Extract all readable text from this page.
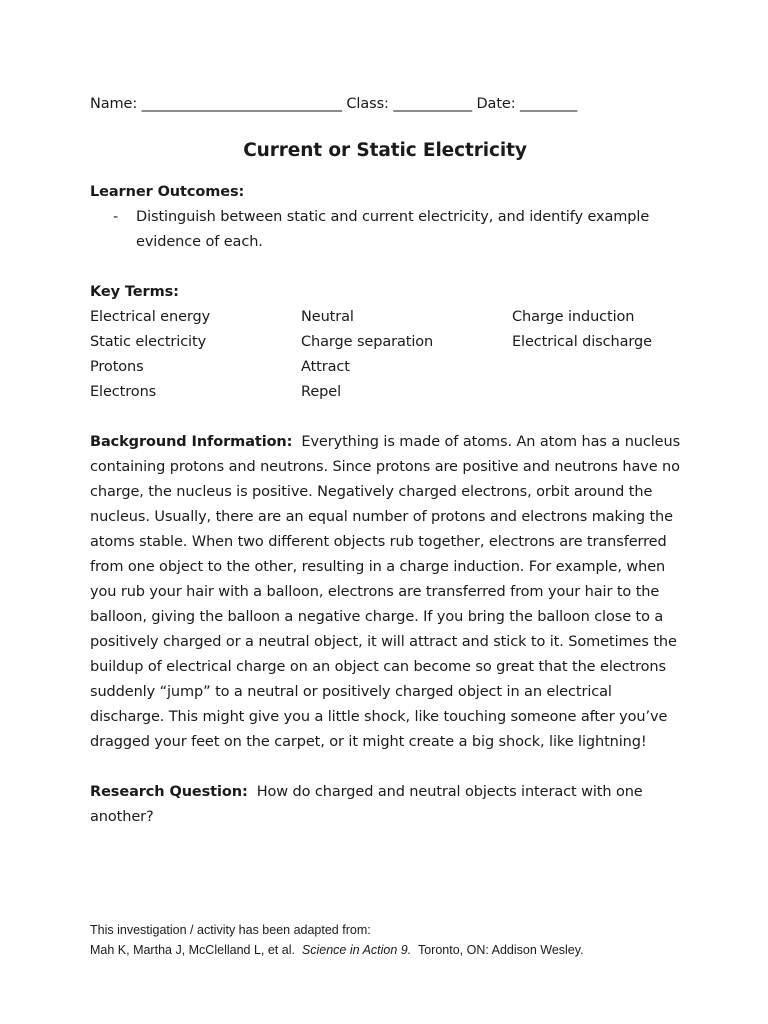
Name: ____________________________ Class: ___________ Date: ________
Current or Static Electricity
Learner Outcomes:
- Distinguish between static and current electricity, and identify example evidence of each.
Key Terms:
Electrical energy	Neutral	Charge induction
Static electricity	Charge separation	Electrical discharge
Protons	Attract
Electrons	Repel
Background Information: Everything is made of atoms. An atom has a nucleus containing protons and neutrons. Since protons are positive and neutrons have no charge, the nucleus is positive. Negatively charged electrons, orbit around the nucleus. Usually, there are an equal number of protons and electrons making the atoms stable. When two different objects rub together, electrons are transferred from one object to the other, resulting in a charge induction. For example, when you rub your hair with a balloon, electrons are transferred from your hair to the balloon, giving the balloon a negative charge. If you bring the balloon close to a positively charged or a neutral object, it will attract and stick to it. Sometimes the buildup of electrical charge on an object can become so great that the electrons suddenly “jump” to a neutral or positively charged object in an electrical discharge. This might give you a little shock, like touching someone after you’ve dragged your feet on the carpet, or it might create a big shock, like lightning!
Research Question: How do charged and neutral objects interact with one another?
This investigation / activity has been adapted from:
Mah K, Martha J, McClelland L, et al. Science in Action 9. Toronto, ON: Addison Wesley.
